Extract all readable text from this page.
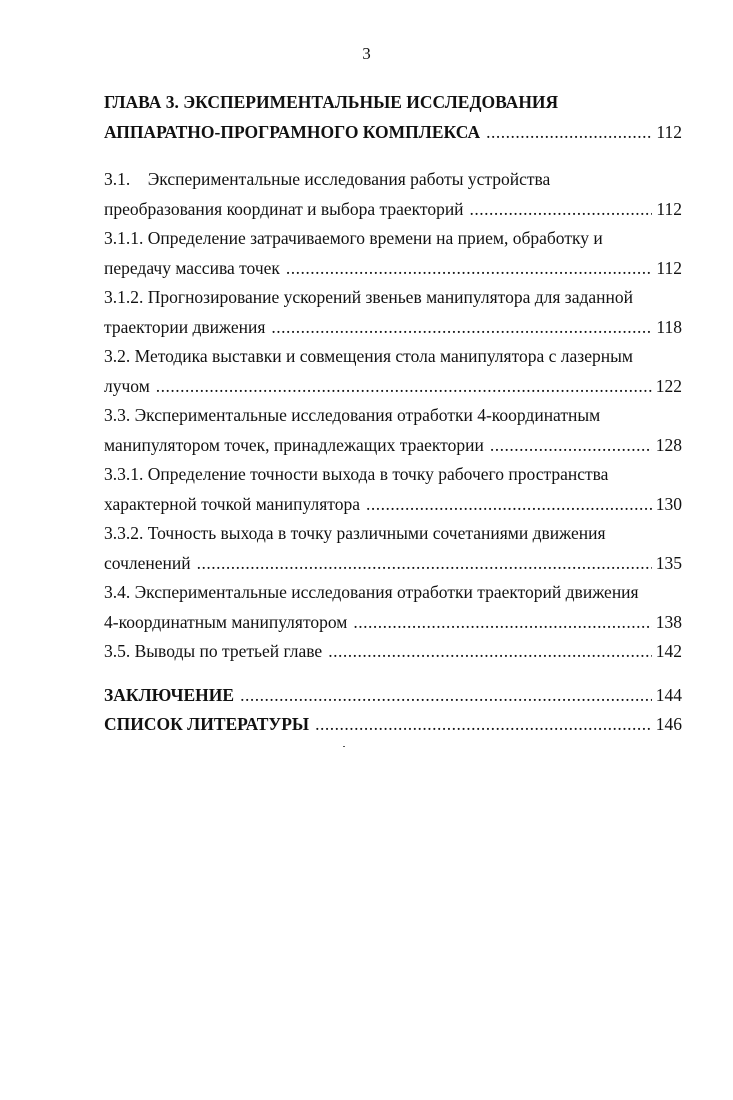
3
ГЛАВА 3. ЭКСПЕРИМЕНТАЛЬНЫЕ ИССЛЕДОВАНИЯ
АППАРАТНО-ПРОГРАМНОГО КОМПЛЕКСА .....	112
3.1.    Экспериментальные исследования работы устройства
преобразования координат и выбора траекторий .....	112
3.1.1. Определение затрачиваемого времени на прием, обработку и
передачу массива точек .....	112
3.1.2. Прогнозирование ускорений звеньев манипулятора для заданной
траектории движения .....	118
3.2. Методика выставки и совмещения стола манипулятора с лазерным
лучом .....	122
3.3. Экспериментальные исследования отработки 4-координатным
манипулятором точек, принадлежащих траектории .....	128
3.3.1. Определение точности выхода в точку рабочего пространства
характерной точкой манипулятора .....	130
3.3.2. Точность выхода в точку различными сочетаниями движения
сочленений .....	135
3.4. Экспериментальные исследования отработки траекторий движения
4-координатным манипулятором .....	138
3.5. Выводы по третьей главе .....	142
ЗАКЛЮЧЕНИЕ .....	144
СПИСОК ЛИТЕРАТУРЫ .....	146
